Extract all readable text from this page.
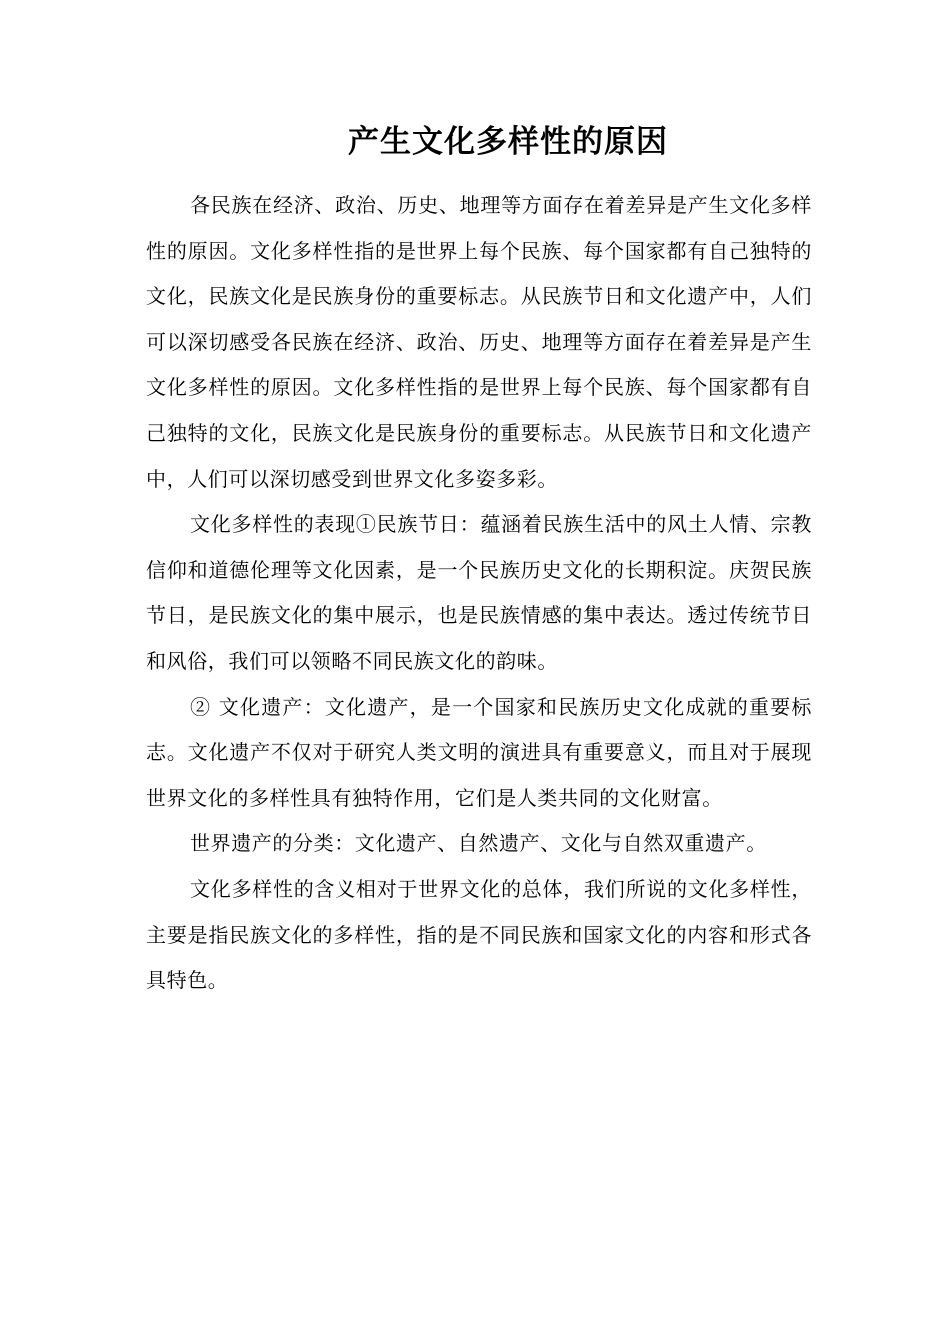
产生文化多样性的原因

各民族在经济、政治、历史、地理等方面存在着差异是产生文化多样性的原因。文化多样性指的是世界上每个民族、每个国家都有自己独特的文化，民族文化是民族身份的重要标志。从民族节日和文化遗产中，人们可以深切感受各民族在经济、政治、历史、地理等方面存在着差异是产生文化多样性的原因。文化多样性指的是世界上每个民族、每个国家都有自己独特的文化，民族文化是民族身份的重要标志。从民族节日和文化遗产中，人们可以深切感受到世界文化多姿多彩。

文化多样性的表现①民族节日：蕴涵着民族生活中的风土人情、宗教信仰和道德伦理等文化因素，是一个民族历史文化的长期积淀。庆贺民族节日，是民族文化的集中展示，也是民族情感的集中表达。透过传统节日和风俗，我们可以领略不同民族文化的韵味。

② 文化遗产：文化遗产，是一个国家和民族历史文化成就的重要标志。文化遗产不仅对于研究人类文明的演进具有重要意义，而且对于展现世界文化的多样性具有独特作用，它们是人类共同的文化财富。

世界遗产的分类：文化遗产、自然遗产、文化与自然双重遗产。

文化多样性的含义相对于世界文化的总体，我们所说的文化多样性，主要是指民族文化的多样性，指的是不同民族和国家文化的内容和形式各具特色。
